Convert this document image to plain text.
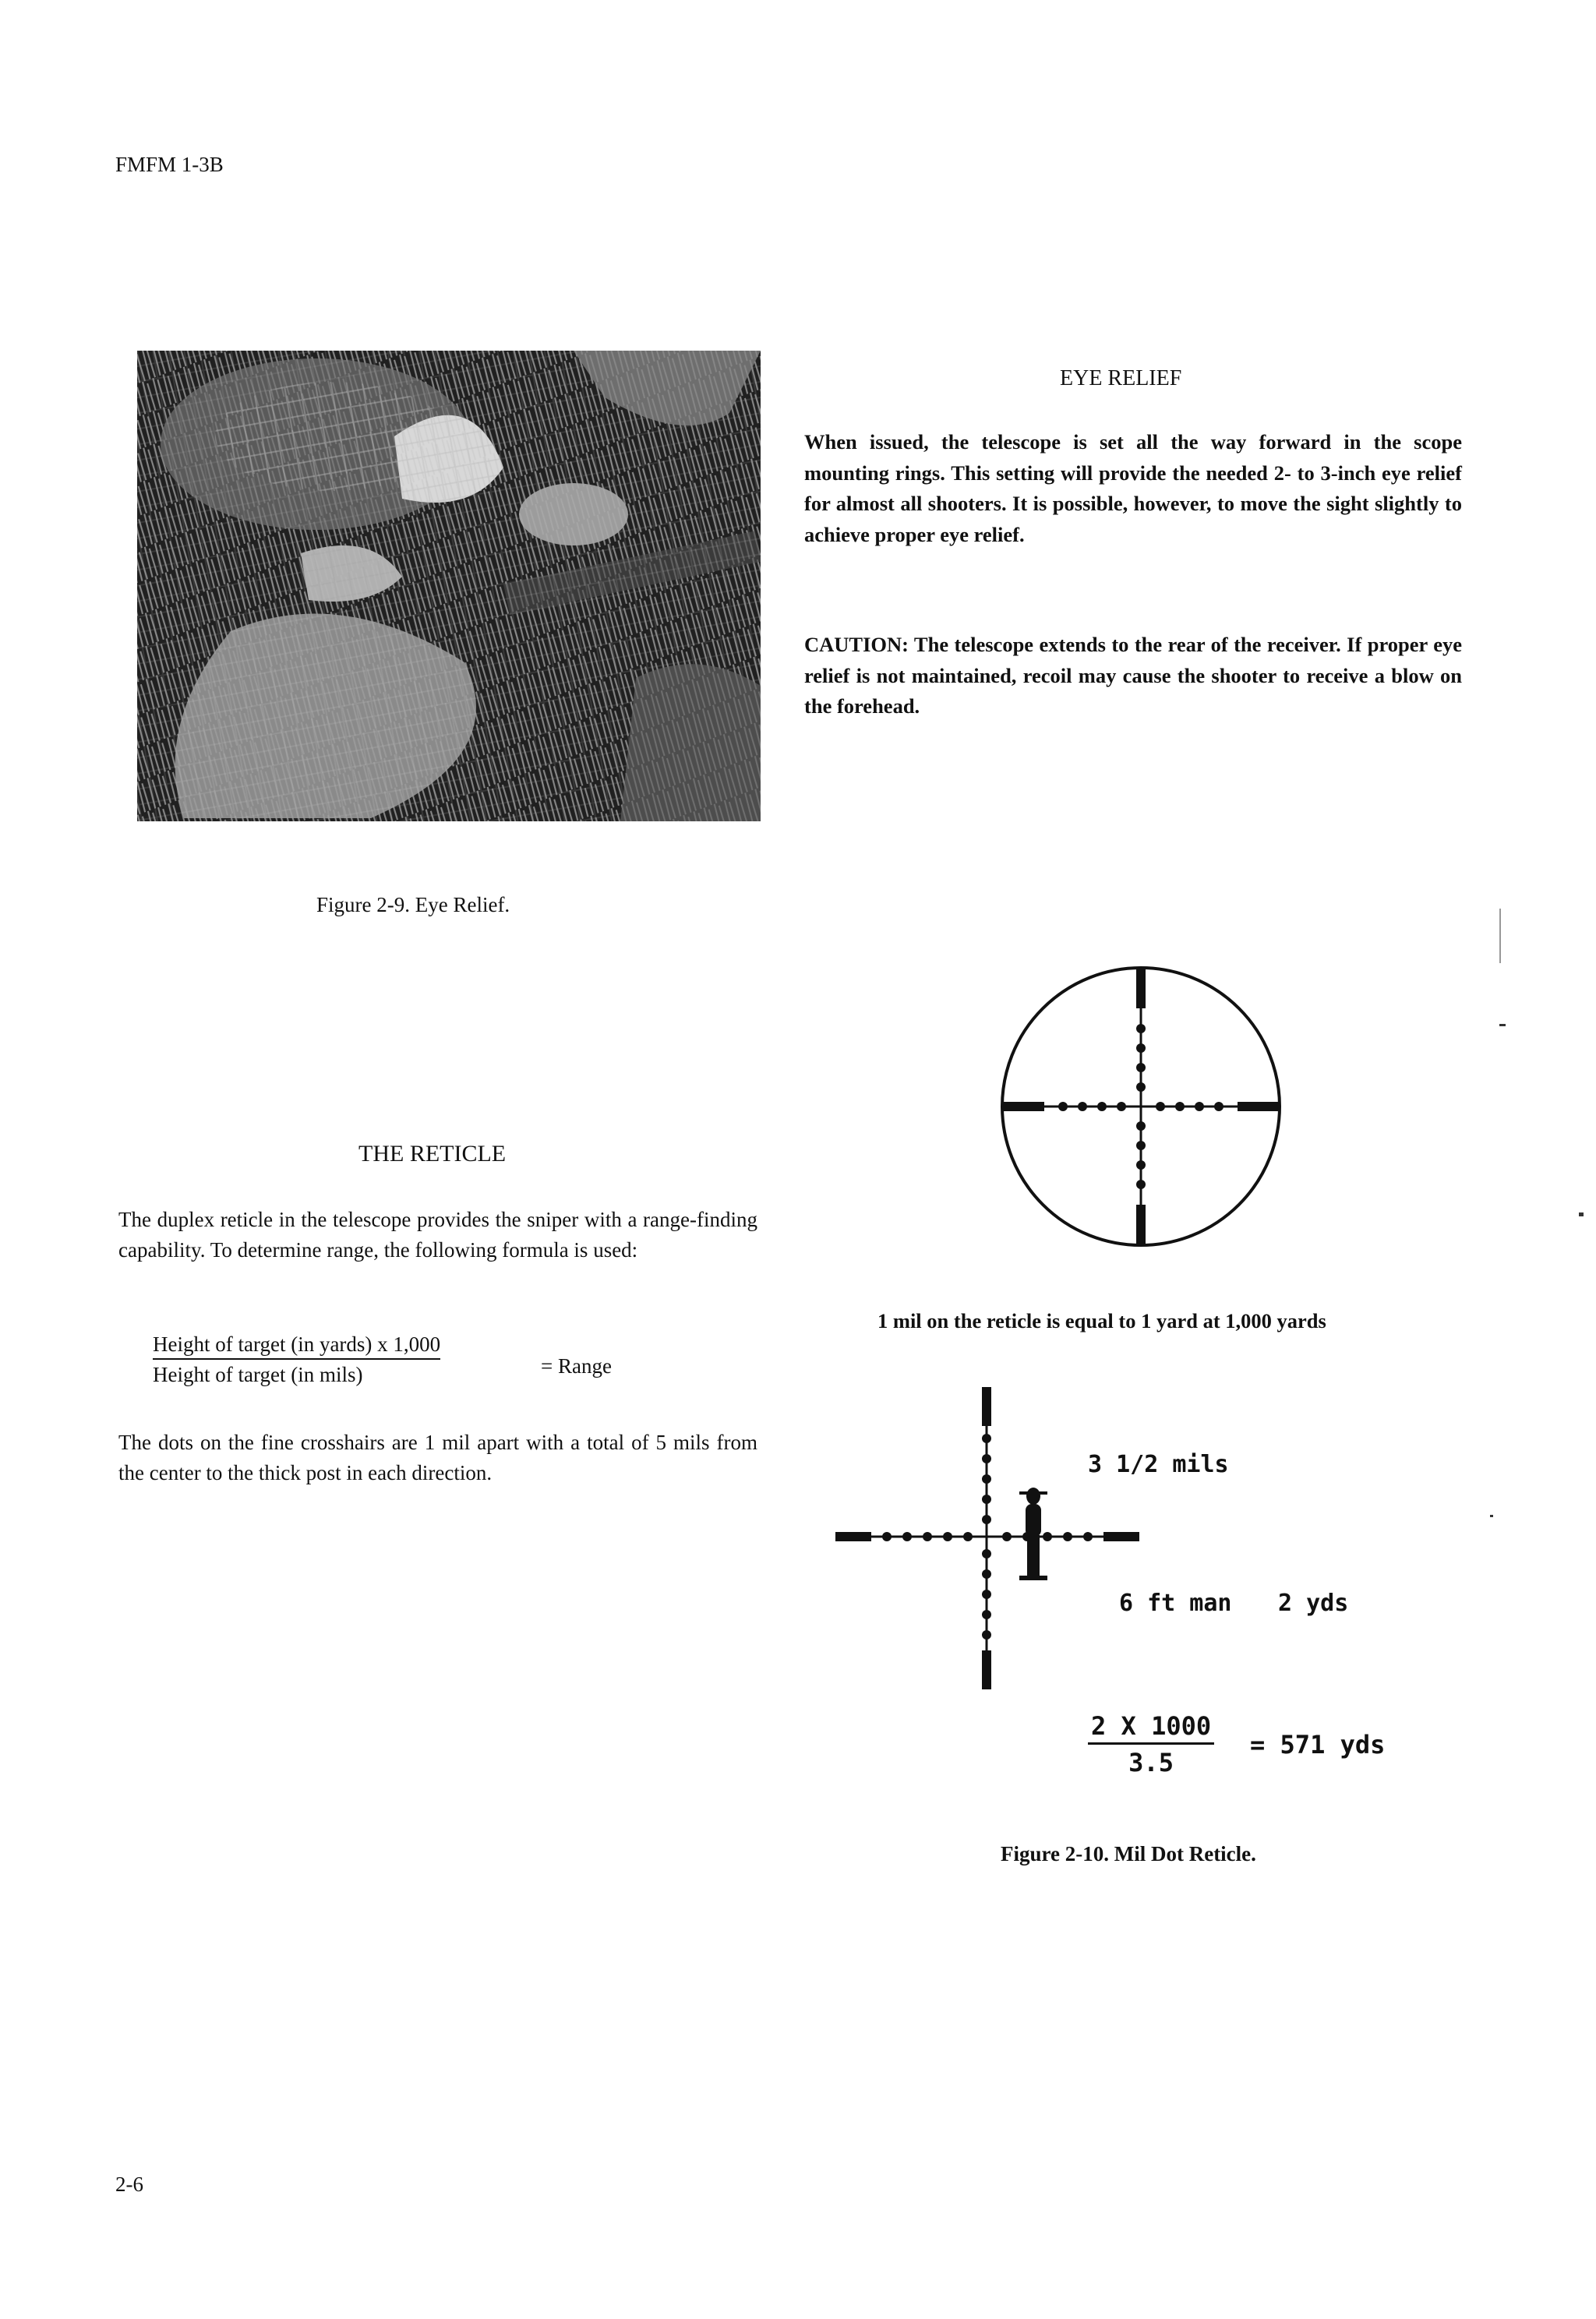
FMFM 1-3B
EYE RELIEF
When issued, the telescope is set all the way forward in the scope mounting rings. This setting will provide the needed 2- to 3-inch eye relief for almost all shooters. It is possible, however, to move the sight slightly to achieve proper eye relief.
CAUTION: The telescope extends to the rear of the receiver. If proper eye relief is not maintained, recoil may cause the shooter to receive a blow on the forehead.
Figure 2-9. Eye Relief.
1 mil on the reticle is equal to 1 yard at 1,000 yards
THE RETICLE
The duplex reticle in the telescope provides the sniper with a range-finding capability. To determine range, the following formula is used:
Height of target (in yards) x 1,000
Height of target (in mils)	= Range
The dots on the fine crosshairs are 1 mil apart with a total of 5 mils from the center to the thick post in each direction.	3 1/2 mils
6 ft man 2 yds
$\frac{2 X 1000}{3.5} = 571$ yds
Figure 2-10. Mil Dot Reticle.
2-6
